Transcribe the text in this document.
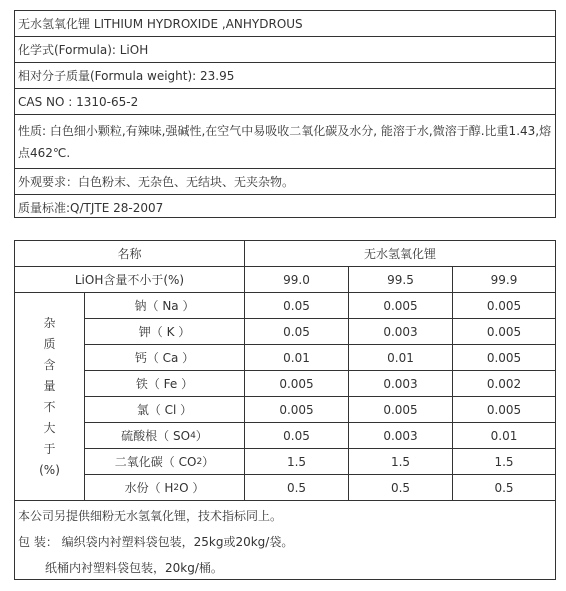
无水氢氧化锂 LITHIUM HYDROXIDE ,ANHYDROUS
化学式(Formula): LiOH
相对分子质量(Formula weight): 23.95
CAS NO : 1310-65-2
性质: 白色细小颗粒,有辣味,强碱性,在空气中易吸收二氧化碳及水分, 能溶于水,微溶于醇.比重1.43,熔点462℃.
外观要求：白色粉末、无杂色、无结块、无夹杂物。
质量标准:Q/TJTE 28-2007
名称	无水氢氧化锂
LiOH含量不小于(%)	99.0	99.5	99.9
杂
质
含
量
不
大
于
(%)
钠（ Na ）	0.05	0.005	0.005
钾（ K ）	0.05	0.003	0.005
钙（ Ca ）	0.01	0.01	0.005
铁（ Fe ）	0.005	0.003	0.002
氯（ Cl ）	0.005	0.005	0.005
硫酸根（ SO 4 ）	0.05	0.003	0.01
二氧化碳（ CO 2 ）	1.5	1.5	1.5
水份（ H 2 O ）	0.5	0.5	0.5
本公司另提供细粉无水氢氧化锂，技术指标同上。
包 装： 编织袋内衬塑料袋包装，25kg或20kg/袋。
纸桶内衬塑料袋包装，20kg/桶。
